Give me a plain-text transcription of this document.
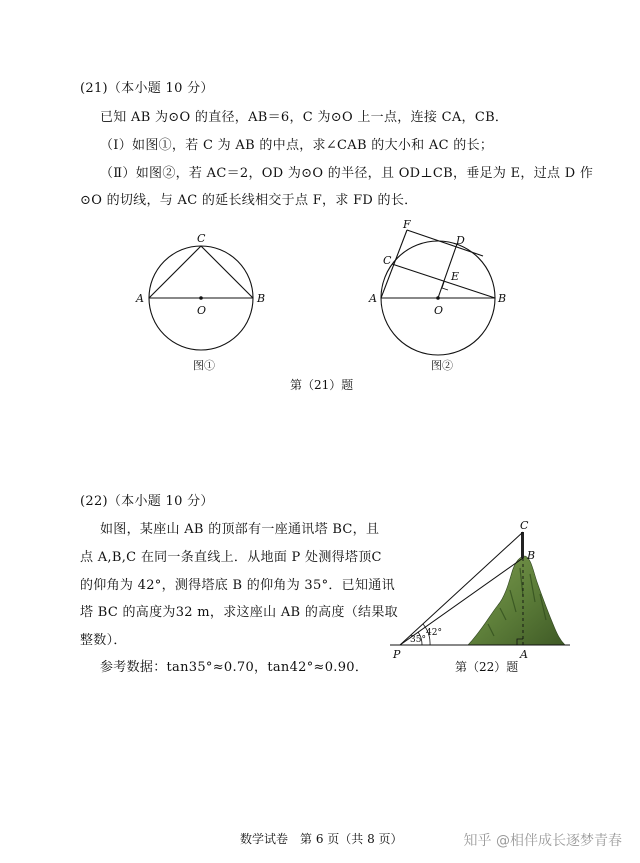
(21)（本小题 10 分）
已知 AB 为⊙O 的直径，AB＝6，C 为⊙O 上一点，连接 CA，CB．
（Ⅰ）如图①，若 C 为 AB 的中点，求∠CAB 的大小和 AC 的长；
（Ⅱ）如图②，若 AC＝2，OD 为⊙O 的半径，且 OD⊥CB，垂足为 E，过点 D 作
⊙O 的切线，与 AC 的延长线相交于点 F，求 FD 的长．
C
A	B
O
图①
F
D
C
E
A	B
O
图②
第（21）题
(22)（本小题 10 分）
如图，某座山 AB 的顶部有一座通讯塔 BC，且
点 A,B,C 在同一条直线上．从地面 P 处测得塔顶C
的仰角为 42°，测得塔底 B 的仰角为 35°．已知通讯
塔 BC 的高度为32 m，求这座山 AB 的高度（结果取
整数）．
参考数据：tan35°≈0.70，tan42°≈0.90．
C
B
P	A
35°
42°
第（22）题
数学试卷　第 6 页（共 8 页）	知乎 @相伴成长逐梦青春
